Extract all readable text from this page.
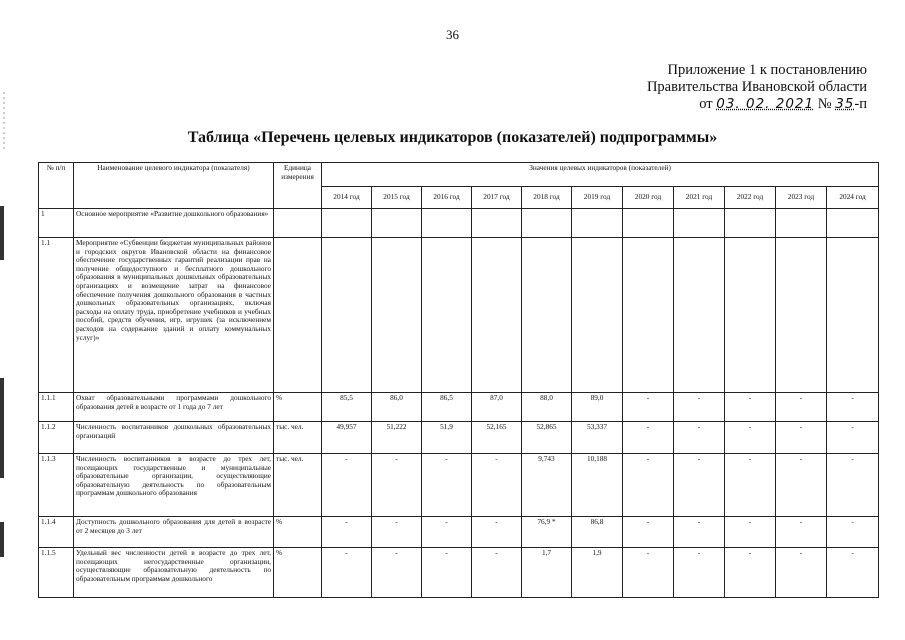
36
Приложение 1 к постановлению
Правительства Ивановской области
от 03. 02. 2021 № 35-п
Таблица «Перечень целевых индикаторов (показателей) подпрограммы»
№ п/п	Наименование целевого индикатора (показателя)	Единица измерения	Значения целевых индикаторов (показателей)										
			2014 год	2015 год	2016 год	2017 год	2018 год	2019 год	2020 год	2021 год	2022 год	2023 год	2024 год
1	Основное мероприятие «Развитие дошкольного образования»												
1.1	Мероприятие «Субвенции бюджетам муниципальных районов и городских округов Ивановской области на финансовое обеспечение государственных гарантий реализации прав на получение общедоступного и бесплатного дошкольного образования в муниципальных дошкольных образовательных организациях и возмещение затрат на финансовое обеспечение получения дошкольного образования в частных дошкольных образовательных организациях, включая расходы на оплату труда, приобретение учебников и учебных пособий, средств обучения, игр, игрушек (за исключением расходов на содержание зданий и оплату коммунальных услуг)»												
1.1.1	Охват образовательными программами дошкольного образования детей в возрасте от 1 года до 7 лет	%	85,5	86,0	86,5	87,0	88,0	89,0	-	-	-	-	-
1.1.2	Численность воспитанников дошкольных образовательных организаций	тыс. чел.	49,957	51,222	51,9	52,165	52,865	53,337	-	-	-	-	-
1.1.3	Численность воспитанников в возрасте до трех лет, посещающих государственные и муниципальные образовательные организации, осуществляющие образовательную деятельность по образовательным программам дошкольного образования	тыс. чел.	-	-	-	-	9,743	10,188	-	-	-	-	-
1.1.4	Доступность дошкольного образования для детей в возрасте от 2 месяцев до 3 лет	%	-	-	-	-	76,9 *	86,8	-	-	-	-	-
1.1.5	Удельный вес численности детей в возрасте до трех лет, посещающих негосударственные организации, осуществляющие образовательную деятельность по образовательным программам дошкольного	%	-	-	-	-	1,7	1,9	-	-	-	-	-
